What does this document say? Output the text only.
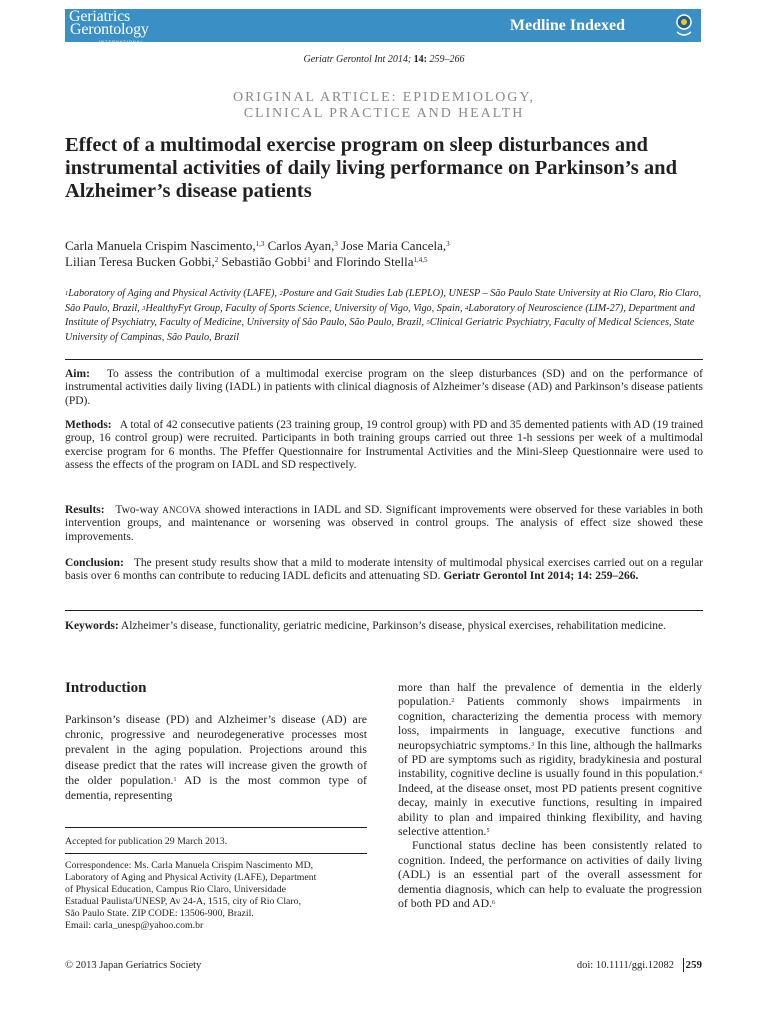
Geriatrics
Gerontology
INTERNATIONAL
Medline Indexed
Geriatr Gerontol Int 2014; 14: 259–266
ORIGINAL ARTICLE: EPIDEMIOLOGY,
CLINICAL PRACTICE AND HEALTH
Effect of a multimodal exercise program on sleep disturbances and instrumental activities of daily living performance on Parkinson’s and Alzheimer’s disease patients
Carla Manuela Crispim Nascimento,$^{1,3}$ Carlos Ayan,$^3$ Jose Maria Cancela,$^3$
Lilian Teresa Bucken Gobbi,$^2$ Sebastião Gobbi$^1$ and Florindo Stella$^{1,4,5}$
$^1$Laboratory of Aging and Physical Activity (LAFE), $^2$Posture and Gait Studies Lab (LEPLO), UNESP – São Paulo State University at Rio Claro, Rio Claro, São Paulo, Brazil, $^3$HealthyFyt Group, Faculty of Sports Science, University of Vigo, Vigo, Spain, $^4$Laboratory of Neuroscience (LIM-27), Department and Institute of Psychiatry, Faculty of Medicine, University of São Paulo, São Paulo, Brazil, $^5$Clinical Geriatric Psychiatry, Faculty of Medical Sciences, State University of Campinas, São Paulo, Brazil

Aim: To assess the contribution of a multimodal exercise program on the sleep disturbances (SD) and on the performance of instrumental activities daily living (IADL) in patients with clinical diagnosis of Alzheimer’s disease (AD) and Parkinson’s disease patients (PD).

Methods: A total of 42 consecutive patients (23 training group, 19 control group) with PD and 35 demented patients with AD (19 trained group, 16 control group) were recruited. Participants in both training groups carried out three 1-h sessions per week of a multimodal exercise program for 6 months. The Pfeffer Questionnaire for Instrumental Activities and the Mini-Sleep Questionnaire were used to assess the effects of the program on IADL and SD respectively.

Results: Two-way ANCOVA showed interactions in IADL and SD. Significant improvements were observed for these variables in both intervention groups, and maintenance or worsening was observed in control groups. The analysis of effect size showed these improvements.

Conclusion: The present study results show that a mild to moderate intensity of multimodal physical exercises carried out on a regular basis over 6 months can contribute to reducing IADL deficits and attenuating SD. Geriatr Gerontol Int 2014; 14: 259–266.

Keywords: Alzheimer’s disease, functionality, geriatric medicine, Parkinson’s disease, physical exercises, rehabilitation medicine.

Introduction

Parkinson’s disease (PD) and Alzheimer’s disease (AD) are chronic, progressive and neurodegenerative processes most prevalent in the aging population. Projections around this disease predict that the rates will increase given the growth of the older population.$^1$ AD is the most common type of dementia, representing

more than half the prevalence of dementia in the elderly population.$^2$ Patients commonly shows impairments in cognition, characterizing the dementia process with memory loss, impairments in language, executive functions and neuropsychiatric symptoms.$^3$ In this line, although the hallmarks of PD are symptoms such as rigidity, bradykinesia and postural instability, cognitive decline is usually found in this population.$^4$ Indeed, at the disease onset, most PD patients present cognitive decay, mainly in executive functions, resulting in impaired ability to plan and impaired thinking flexibility, and having selective attention.$^5$

Functional status decline has been consistently related to cognition. Indeed, the performance on activities of daily living (ADL) is an essential part of the overall assessment for dementia diagnosis, which can help to evaluate the progression of both PD and AD.$^6$

Accepted for publication 29 March 2013.
Correspondence: Ms. Carla Manuela Crispim Nascimento MD,
Laboratory of Aging and Physical Activity (LAFE), Department
of Physical Education, Campus Rio Claro, Universidade
Estadual Paulista/UNESP, Av 24-A, 1515, city of Rio Claro,
São Paulo State. ZIP CODE: 13506-900, Brazil.
Email: carla_unesp@yahoo.com.br
© 2013 Japan Geriatrics Society	doi: 10.1111/ggi.12082 259
